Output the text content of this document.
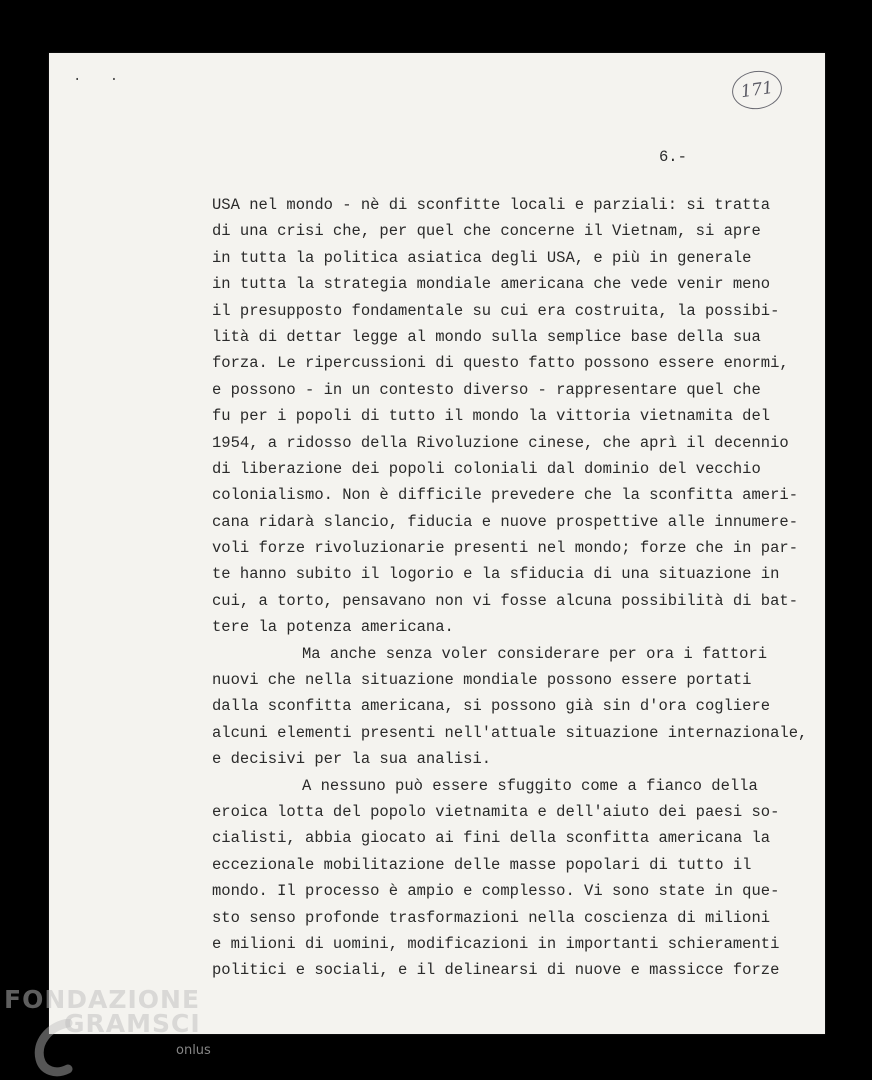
. .
171
6.-
USA nel mondo - nè di sconfitte locali e parziali: si tratta
di una crisi che, per quel che concerne il Vietnam, si apre
in tutta la politica asiatica degli USA, e più in generale
in tutta la strategia mondiale americana che vede venir meno
il presupposto fondamentale su cui era costruita, la possibi-
lità di dettar legge al mondo sulla semplice base della sua
forza. Le ripercussioni di questo fatto possono essere enormi,
e possono - in un contesto diverso - rappresentare quel che
fu per i popoli di tutto il mondo la vittoria vietnamita del
1954, a ridosso della Rivoluzione cinese, che aprì il decennio
di liberazione dei popoli coloniali dal dominio del vecchio
colonialismo. Non è difficile prevedere che la sconfitta ameri-
cana ridarà slancio, fiducia e nuove prospettive alle innumere-
voli forze rivoluzionarie presenti nel mondo; forze che in par-
te hanno subito il logorio e la sfiducia di una situazione in
cui, a torto, pensavano non vi fosse alcuna possibilità di bat-
tere la potenza americana.
Ma anche senza voler considerare per ora i fattori
nuovi che nella situazione mondiale possono essere portati
dalla sconfitta americana, si possono già sin d'ora cogliere
alcuni elementi presenti nell'attuale situazione internazionale,
e decisivi per la sua analisi.
A nessuno può essere sfuggito come a fianco della
eroica lotta del popolo vietnamita e dell'aiuto dei paesi so-
cialisti, abbia giocato ai fini della sconfitta americana la
eccezionale mobilitazione delle masse popolari di tutto il
mondo. Il processo è ampio e complesso. Vi sono state in que-
sto senso profonde trasformazioni nella coscienza di milioni
e milioni di uomini, modificazioni in importanti schieramenti
politici e sociali, e il delinearsi di nuove e massicce forze
FONDAZIONE
GRAMSCI
onlus
